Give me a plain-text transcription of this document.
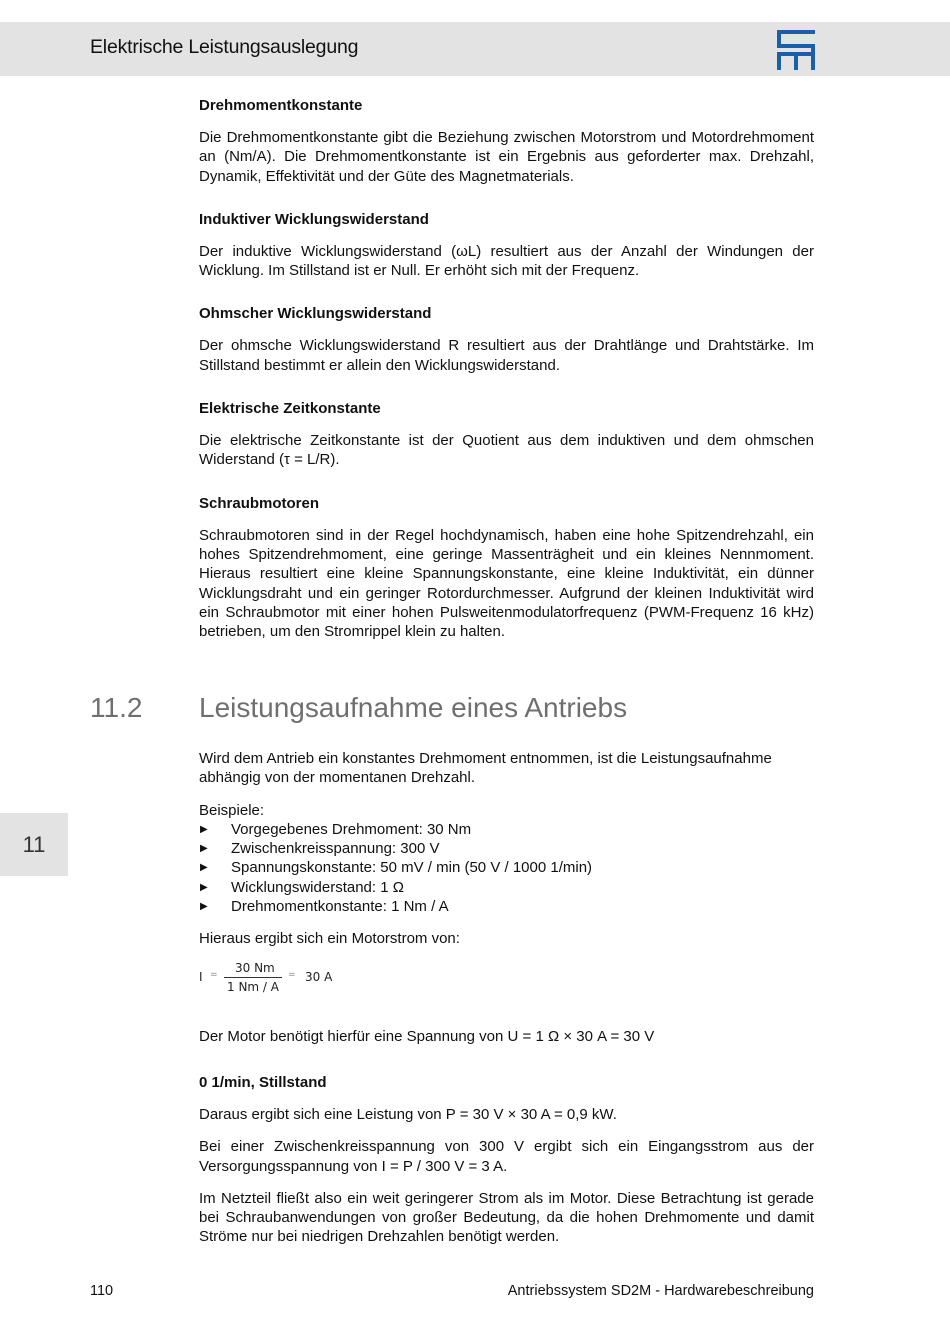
Elektrische Leistungsauslegung
11
Drehmomentkonstante

Die Drehmomentkonstante gibt die Beziehung zwischen Motorstrom und Motordrehmoment an (Nm/A). Die Drehmomentkonstante ist ein Ergebnis aus geforderter max. Drehzahl, Dynamik, Effektivität und der Güte des Magnetmaterials.

Induktiver Wicklungswiderstand

Der induktive Wicklungswiderstand (ωL) resultiert aus der Anzahl der Windungen der Wicklung. Im Stillstand ist er Null. Er erhöht sich mit der Frequenz.

Ohmscher Wicklungswiderstand

Der ohmsche Wicklungswiderstand R resultiert aus der Drahtlänge und Drahtstärke. Im Stillstand bestimmt er allein den Wicklungswiderstand.

Elektrische Zeitkonstante

Die elektrische Zeitkonstante ist der Quotient aus dem induktiven und dem ohmschen Widerstand (τ = L/R).

Schraubmotoren

Schraubmotoren sind in der Regel hochdynamisch, haben eine hohe Spitzendrehzahl, ein hohes Spitzendrehmoment, eine geringe Massenträgheit und ein kleines Nennmoment. Hieraus resultiert eine kleine Spannungskonstante, eine kleine Induktivität, ein dünner Wicklungsdraht und ein geringer Rotordurchmesser. Aufgrund der kleinen Induktivität wird ein Schraubmotor mit einer hohen Pulsweitenmodulatorfrequenz (PWM-Frequenz 16 kHz) betrieben, um den Stromrippel klein zu halten.

11.2 Leistungsaufnahme eines Antriebs

Wird dem Antrieb ein konstantes Drehmoment entnommen, ist die Leistungsaufnahme abhängig von der momentanen Drehzahl.

Beispiele:

▶ Vorgegebenes Drehmoment: 30 Nm
▶ Zwischenkreisspannung: 300 V
▶ Spannungskonstante: 50 mV / min (50 V / 1000 1/min)
▶ Wicklungswiderstand: 1 Ω
▶ Drehmomentkonstante: 1 Nm / A

Hieraus ergibt sich ein Motorstrom von:

I = 30 Nm
1 Nm / A
= 30 A

Der Motor benötigt hierfür eine Spannung von U = 1 Ω × 30 A = 30 V

0 1/min, Stillstand

Daraus ergibt sich eine Leistung von P = 30 V × 30 A = 0,9 kW.

Bei einer Zwischenkreisspannung von 300 V ergibt sich ein Eingangsstrom aus der Versorgungsspannung von I = P / 300 V = 3 A.

Im Netzteil fließt also ein weit geringerer Strom als im Motor. Diese Betrachtung ist gerade bei Schraubanwendungen von großer Bedeutung, da die hohen Drehmomente und damit Ströme nur bei niedrigen Drehzahlen benötigt werden.

110	Antriebssystem SD2M - Hardwarebeschreibung
